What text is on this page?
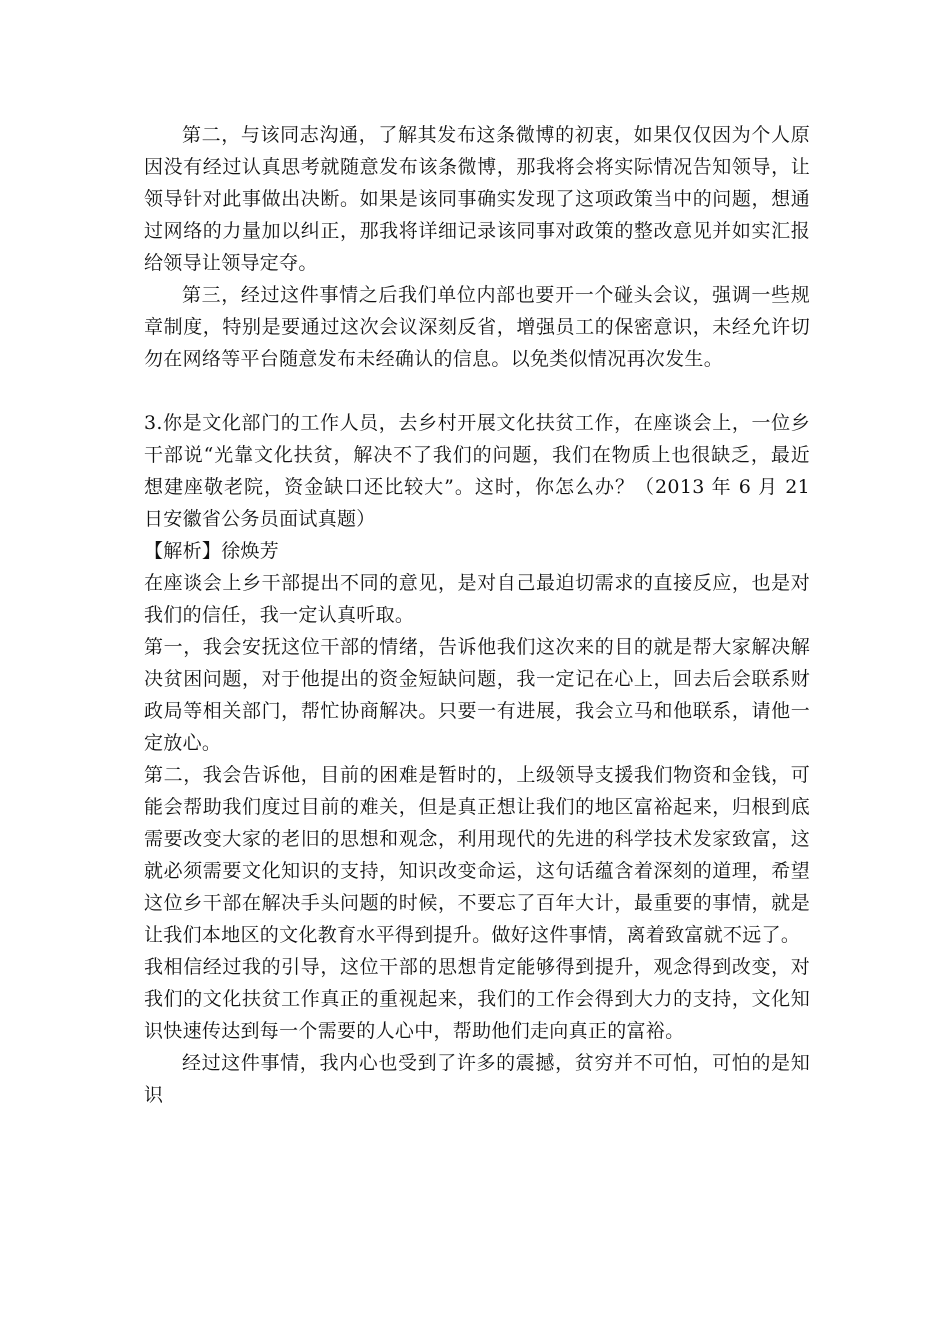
第二，与该同志沟通，了解其发布这条微博的初衷，如果仅仅因为个人原因没有经过认真思考就随意发布该条微博，那我将会将实际情况告知领导，让领导针对此事做出决断。如果是该同事确实发现了这项政策当中的问题，想通过网络的力量加以纠正，那我将详细记录该同事对政策的整改意见并如实汇报给领导让领导定夺。

第三，经过这件事情之后我们单位内部也要开一个碰头会议，强调一些规章制度，特别是要通过这次会议深刻反省，增强员工的保密意识，未经允许切勿在网络等平台随意发布未经确认的信息。以免类似情况再次发生。

3.你是文化部门的工作人员，去乡村开展文化扶贫工作，在座谈会上，一位乡干部说“光靠文化扶贫，解决不了我们的问题，我们在物质上也很缺乏，最近想建座敬老院，资金缺口还比较大”。这时，你怎么办？（2013 年 6 月 21 日安徽省公务员面试真题）

【解析】徐焕芳

在座谈会上乡干部提出不同的意见，是对自己最迫切需求的直接反应，也是对我们的信任，我一定认真听取。

第一，我会安抚这位干部的情绪，告诉他我们这次来的目的就是帮大家解决解决贫困问题，对于他提出的资金短缺问题，我一定记在心上，回去后会联系财政局等相关部门，帮忙协商解决。只要一有进展，我会立马和他联系，请他一定放心。

第二，我会告诉他，目前的困难是暂时的，上级领导支援我们物资和金钱，可能会帮助我们度过目前的难关，但是真正想让我们的地区富裕起来，归根到底需要改变大家的老旧的思想和观念，利用现代的先进的科学技术发家致富，这就必须需要文化知识的支持，知识改变命运，这句话蕴含着深刻的道理，希望这位乡干部在解决手头问题的时候，不要忘了百年大计，最重要的事情，就是让我们本地区的文化教育水平得到提升。做好这件事情，离着致富就不远了。

我相信经过我的引导，这位干部的思想肯定能够得到提升，观念得到改变，对我们的文化扶贫工作真正的重视起来，我们的工作会得到大力的支持，文化知识快速传达到每一个需要的人心中，帮助他们走向真正的富裕。

经过这件事情，我内心也受到了许多的震撼，贫穷并不可怕，可怕的是知识
